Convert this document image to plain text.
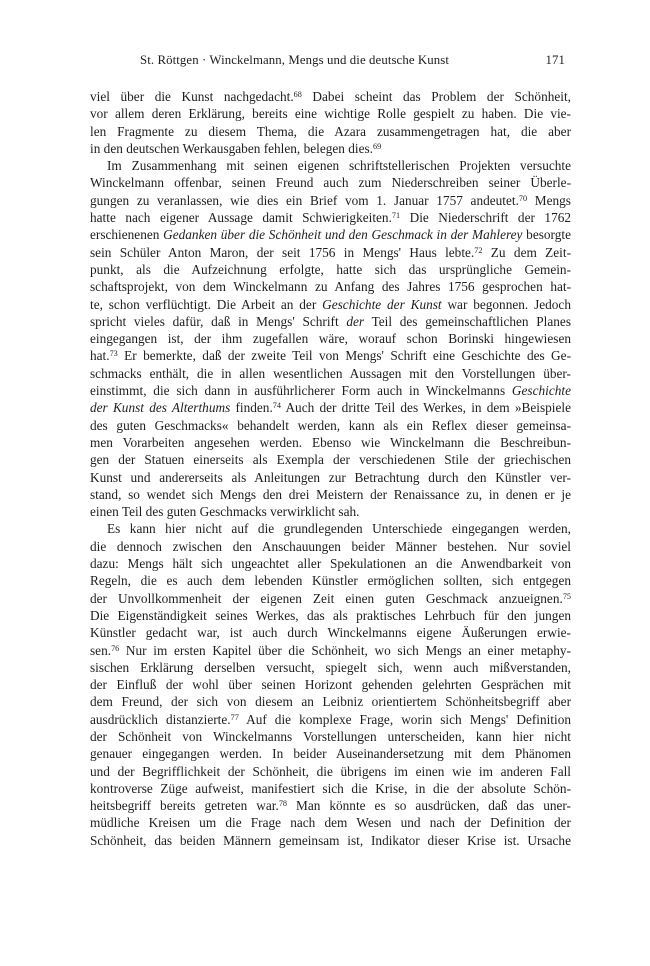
St. Röttgen · Winckelmann, Mengs und die deutsche Kunst	171
viel über die Kunst nachgedacht.$^{68}$ Dabei scheint das Problem der Schönheit,
vor allem deren Erklärung, bereits eine wichtige Rolle gespielt zu haben. Die vie-
len Fragmente zu diesem Thema, die Azara zusammengetragen hat, die aber
in den deutschen Werkausgaben fehlen, belegen dies.$^{69}$
Im Zusammenhang mit seinen eigenen schriftstellerischen Projekten versuchte
Winckelmann offenbar, seinen Freund auch zum Niederschreiben seiner Überle-
gungen zu veranlassen, wie dies ein Brief vom 1. Januar 1757 andeutet.$^{70}$ Mengs
hatte nach eigener Aussage damit Schwierigkeiten.$^{71}$ Die Niederschrift der 1762
erschienenen Gedanken über die Schönheit und den Geschmack in der Mahlerey besorgte
sein Schüler Anton Maron, der seit 1756 in Mengs' Haus lebte.$^{72}$ Zu dem Zeit-
punkt, als die Aufzeichnung erfolgte, hatte sich das ursprüngliche Gemein-
schaftsprojekt, von dem Winckelmann zu Anfang des Jahres 1756 gesprochen hat-
te, schon verflüchtigt. Die Arbeit an der Geschichte der Kunst war begonnen. Jedoch
spricht vieles dafür, daß in Mengs' Schrift der Teil des gemeinschaftlichen Planes
eingegangen ist, der ihm zugefallen wäre, worauf schon Borinski hingewiesen
hat.$^{73}$ Er bemerkte, daß der zweite Teil von Mengs' Schrift eine Geschichte des Ge-
schmacks enthält, die in allen wesentlichen Aussagen mit den Vorstellungen über-
einstimmt, die sich dann in ausführlicherer Form auch in Winckelmanns Geschichte
der Kunst des Alterthums finden.$^{74}$ Auch der dritte Teil des Werkes, in dem »Beispiele
des guten Geschmacks« behandelt werden, kann als ein Reflex dieser gemeinsa-
men Vorarbeiten angesehen werden. Ebenso wie Winckelmann die Beschreibun-
gen der Statuen einerseits als Exempla der verschiedenen Stile der griechischen
Kunst und andererseits als Anleitungen zur Betrachtung durch den Künstler ver-
stand, so wendet sich Mengs den drei Meistern der Renaissance zu, in denen er je
einen Teil des guten Geschmacks verwirklicht sah.
Es kann hier nicht auf die grundlegenden Unterschiede eingegangen werden,
die dennoch zwischen den Anschauungen beider Männer bestehen. Nur soviel
dazu: Mengs hält sich ungeachtet aller Spekulationen an die Anwendbarkeit von
Regeln, die es auch dem lebenden Künstler ermöglichen sollten, sich entgegen
der Unvollkommenheit der eigenen Zeit einen guten Geschmack anzueignen.$^{75}$
Die Eigenständigkeit seines Werkes, das als praktisches Lehrbuch für den jungen
Künstler gedacht war, ist auch durch Winckelmanns eigene Äußerungen erwie-
sen.$^{76}$ Nur im ersten Kapitel über die Schönheit, wo sich Mengs an einer metaphy-
sischen Erklärung derselben versucht, spiegelt sich, wenn auch mißverstanden,
der Einfluß der wohl über seinen Horizont gehenden gelehrten Gesprächen mit
dem Freund, der sich von diesem an Leibniz orientiertem Schönheitsbegriff aber
ausdrücklich distanzierte.$^{77}$ Auf die komplexe Frage, worin sich Mengs' Definition
der Schönheit von Winckelmanns Vorstellungen unterscheiden, kann hier nicht
genauer eingegangen werden. In beider Auseinandersetzung mit dem Phänomen
und der Begrifflichkeit der Schönheit, die übrigens im einen wie im anderen Fall
kontroverse Züge aufweist, manifestiert sich die Krise, in die der absolute Schön-
heitsbegriff bereits getreten war.$^{78}$ Man könnte es so ausdrücken, daß das uner-
müdliche Kreisen um die Frage nach dem Wesen und nach der Definition der
Schönheit, das beiden Männern gemeinsam ist, Indikator dieser Krise ist. Ursache
